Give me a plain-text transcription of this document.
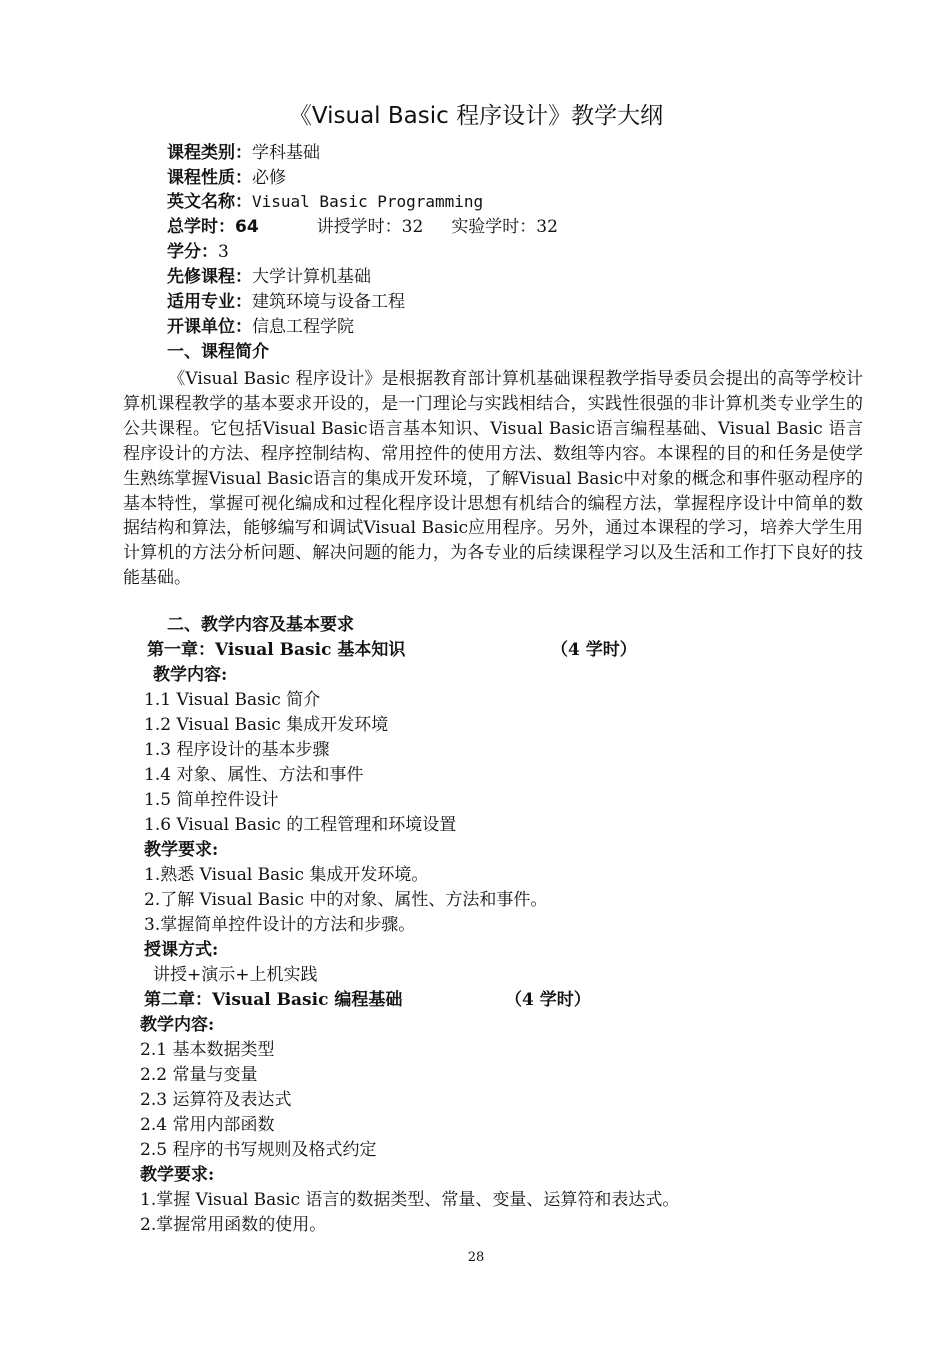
《Visual Basic 程序设计》教学大纲
课程类别：学科基础
课程性质：必修
英文名称：Visual Basic Programming
总学时：64	讲授学时：32 实验学时：32
学分：3
先修课程：大学计算机基础
适用专业：建筑环境与设备工程
开课单位：信息工程学院
一、课程简介
《Visual Basic 程序设计》是根据教育部计算机基础课程教学指导委员会提出的高等学校计算机课程教学的基本要求开设的，是一门理论与实践相结合，实践性很强的非计算机类专业学生的公共课程。它包括Visual Basic语言基本知识、Visual Basic语言编程基础、Visual Basic 语言程序设计的方法、程序控制结构、常用控件的使用方法、数组等内容。本课程的目的和任务是使学生熟练掌握Visual Basic语言的集成开发环境，了解Visual Basic中对象的概念和事件驱动程序的基本特性，掌握可视化编成和过程化程序设计思想有机结合的编程方法，掌握程序设计中简单的数据结构和算法，能够编写和调试Visual Basic应用程序。另外，通过本课程的学习，培养大学生用计算机的方法分析问题、解决问题的能力，为各专业的后续课程学习以及生活和工作打下良好的技能基础。
二、教学内容及基本要求
第一章：Visual Basic 基本知识	（4 学时）
教学内容:
1.1 Visual Basic 简介
1.2 Visual Basic 集成开发环境
1.3 程序设计的基本步骤
1.4 对象、属性、方法和事件
1.5 简单控件设计
1.6 Visual Basic 的工程管理和环境设置
教学要求:
1.熟悉 Visual Basic 集成开发环境。
2.了解 Visual Basic 中的对象、属性、方法和事件。
3.掌握简单控件设计的方法和步骤。
授课方式:
讲授+演示+上机实践
第二章：Visual Basic 编程基础	（4 学时）
教学内容:
2.1 基本数据类型
2.2 常量与变量
2.3 运算符及表达式
2.4 常用内部函数
2.5 程序的书写规则及格式约定
教学要求:
1.掌握 Visual Basic 语言的数据类型、常量、变量、运算符和表达式。
2.掌握常用函数的使用。
28
